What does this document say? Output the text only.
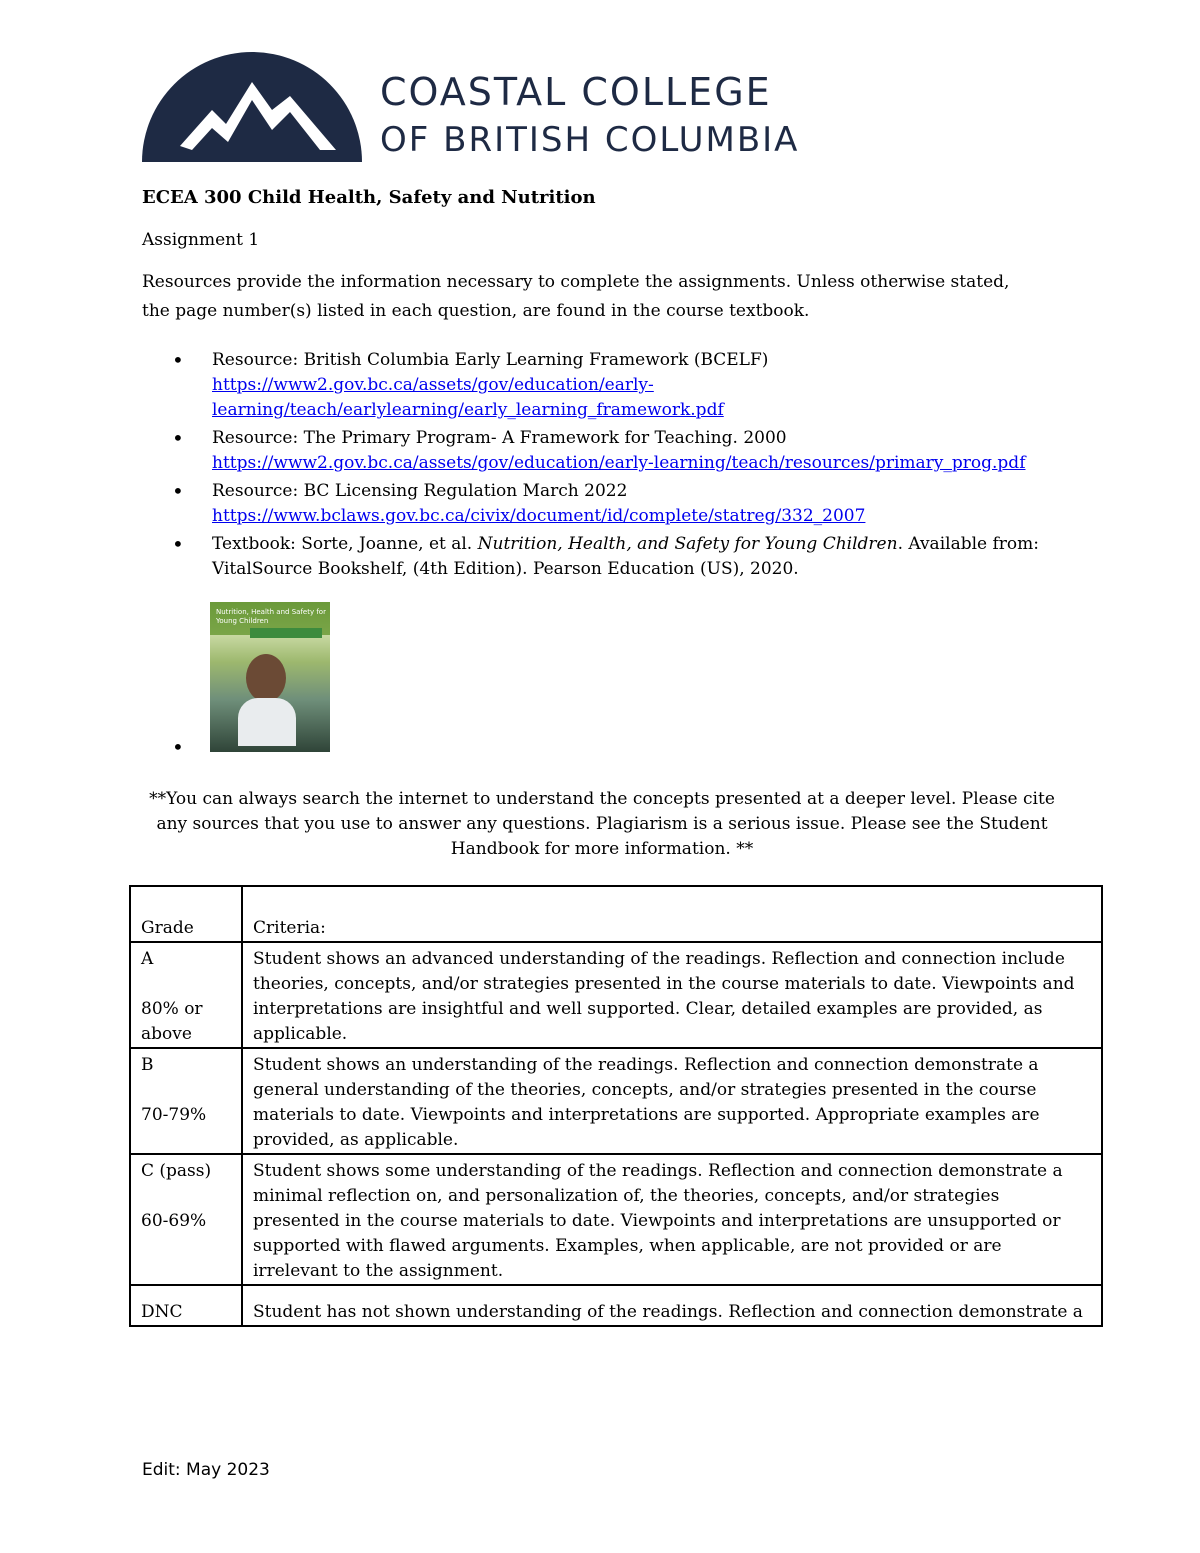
COASTAL COLLEGE
OF BRITISH COLUMBIA
ECEA 300 Child Health, Safety and Nutrition
Assignment 1
Resources provide the information necessary to complete the assignments. Unless otherwise stated, the page number(s) listed in each question, are found in the course textbook.
• Resource: British Columbia Early Learning Framework (BCELF)
https://www2.gov.bc.ca/assets/gov/education/early-
learning/teach/earlylearning/early_learning_framework.pdf
• Resource: The Primary Program- A Framework for Teaching. 2000
https://www2.gov.bc.ca/assets/gov/education/early-learning/teach/resources/primary_prog.pdf
• Resource: BC Licensing Regulation March 2022
https://www.bclaws.gov.bc.ca/civix/document/id/complete/statreg/332_2007
• Textbook: Sorte, Joanne, et al. Nutrition, Health, and Safety for Young Children. Available from: VitalSource Bookshelf, (4th Edition). Pearson Education (US), 2020.
Nutrition, Health and Safety for Young Children
•
**You can always search the internet to understand the concepts presented at a deeper level. Please cite any sources that you use to answer any questions. Plagiarism is a serious issue. Please see the Student Handbook for more information. **
Grade	Criteria:
A
80% or above	Student shows an advanced understanding of the readings. Reflection and connection include theories, concepts, and/or strategies presented in the course materials to date. Viewpoints and interpretations are insightful and well supported. Clear, detailed examples are provided, as applicable.
B
70-79%	Student shows an understanding of the readings. Reflection and connection demonstrate a general understanding of the theories, concepts, and/or strategies presented in the course materials to date. Viewpoints and interpretations are supported. Appropriate examples are provided, as applicable.
C (pass)
60-69%	Student shows some understanding of the readings. Reflection and connection demonstrate a minimal reflection on, and personalization of, the theories, concepts, and/or strategies presented in the course materials to date. Viewpoints and interpretations are unsupported or supported with flawed arguments. Examples, when applicable, are not provided or are irrelevant to the assignment.
DNC	Student has not shown understanding of the readings. Reflection and connection demonstrate a
Edit: May 2023
